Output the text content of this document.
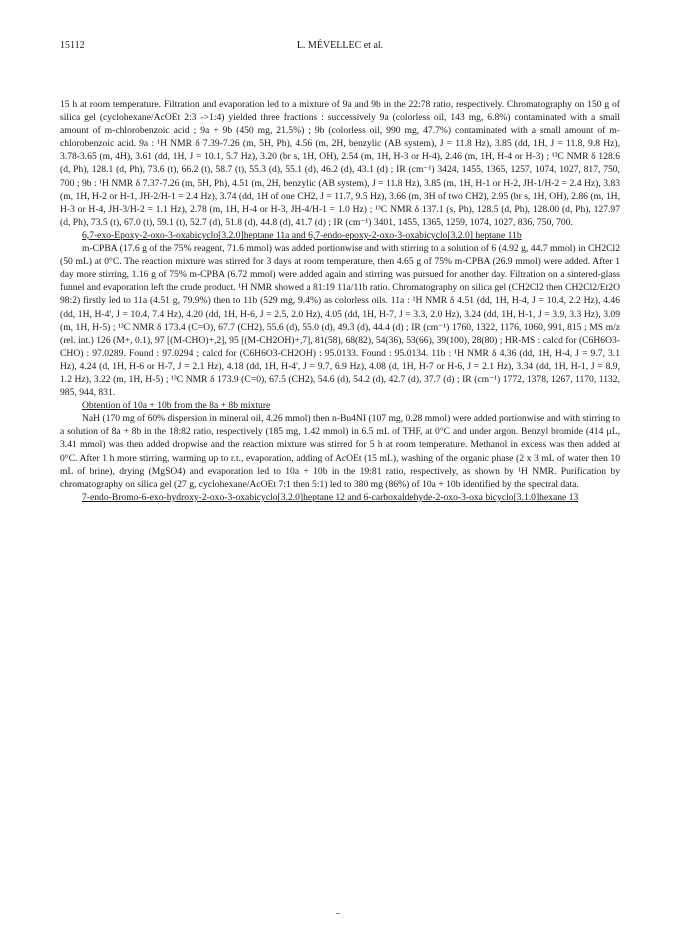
15112	L. MÉVELLEC et al.

15 h at room temperature. Filtration and evaporation led to a mixture of 9a and 9b in the 22:78 ratio, respectively. Chromatography on 150 g of silica gel (cyclohexane/AcOEt 2:3 ->1:4) yielded three fractions : successively 9a (colorless oil, 143 mg, 6.8%) contaminated with a small amount of m-chlorobenzoic acid ; 9a + 9b (450 mg, 21.5%) ; 9b (colorless oil, 990 mg, 47.7%) contaminated with a small amount of m-chlorobenzoic acid. 9a : ¹H NMR δ 7.39-7.26 (m, 5H, Ph), 4.56 (m, 2H, benzylic (AB system), J = 11.8 Hz), 3.85 (dd, 1H, J = 11.8, 9.8 Hz), 3.78-3.65 (m, 4H), 3.61 (dd, 1H, J = 10.1, 5.7 Hz), 3.20 (br s, 1H, OH), 2.54 (m, 1H, H-3 or H-4), 2.46 (m, 1H, H-4 or H-3) ; ¹³C NMR δ 128.6 (d, Ph), 128.1 (d, Ph), 73.6 (t), 66.2 (t), 58.7 (t), 55.3 (d), 55.1 (d), 46.2 (d), 43.1 (d) ; IR (cm⁻¹) 3424, 1455, 1365, 1257, 1074, 1027, 817, 750, 700 ; 9b : ¹H NMR δ 7.37-7.26 (m, 5H, Ph), 4.51 (m, 2H, benzylic (AB system), J = 11.8 Hz), 3.85 (m, 1H, H-1 or H-2, JH-1/H-2 = 2.4 Hz), 3.83 (m, 1H, H-2 or H-1, JH-2/H-1 = 2.4 Hz), 3.74 (dd, 1H of one CH2, J = 11.7, 9.5 Hz), 3.66 (m, 3H of two CH2), 2.95 (br s, 1H, OH), 2.86 (m, 1H, H-3 or H-4, JH-3/H-2 = 1.1 Hz), 2.78 (m, 1H, H-4 or H-3, JH-4/H-1 = 1.0 Hz) ; ¹³C NMR δ 137.1 (s, Ph), 128.5 (d, Ph), 128.00 (d, Ph), 127.97 (d, Ph), 73.5 (t), 67.0 (t), 59.1 (t), 52.7 (d), 51.8 (d), 44.8 (d), 41.7 (d) ; IR (cm⁻¹) 3401, 1455, 1365, 1259, 1074, 1027, 836, 750, 700.

6,7-exo-Epoxy-2-oxo-3-oxabicyclo[3.2.0]heptane 11a and 6,7-endo-epoxy-2-oxo-3-oxabicyclo[3.2.0] heptane 11b

m-CPBA (17.6 g of the 75% reagent, 71.6 mmol) was added portionwise and with stirring to a solution of 6 (4.92 g, 44.7 mmol) in CH2Cl2 (50 mL) at 0°C. The reaction mixture was stirred for 3 days at room temperature, then 4.65 g of 75% m-CPBA (26.9 mmol) were added. After 1 day more stirring, 1.16 g of 75% m-CPBA (6.72 mmol) were added again and stirring was pursued for another day. Filtration on a sintered-glass funnel and evaporation left the crude product. ¹H NMR showed a 81:19 11a/11b ratio. Chromatography on silica gel (CH2Cl2 then CH2Cl2/Et2O 98:2) firstly led to 11a (4.51 g, 79.9%) then to 11b (529 mg, 9.4%) as colorless oils. 11a : ¹H NMR δ 4.51 (dd, 1H, H-4, J = 10.4, 2.2 Hz), 4.46 (dd, 1H, H-4', J = 10.4, 7.4 Hz), 4.20 (dd, 1H, H-6, J = 2.5, 2.0 Hz), 4.05 (dd, 1H, H-7, J = 3.3, 2.0 Hz), 3.24 (dd, 1H, H-1, J = 3.9, 3.3 Hz), 3.09 (m, 1H, H-5) ; ¹³C NMR δ 173.4 (C=O), 67.7 (CH2), 55.6 (d), 55.0 (d), 49.3 (d), 44.4 (d) ; IR (cm⁻¹) 1760, 1322, 1176, 1060, 991, 815 ; MS m/z (rel. int.) 126 (M+, 0.1), 97 [(M-CHO)+,2], 95 [(M-CH2OH)+,7], 81(58), 68(82), 54(36), 53(66), 39(100), 28(80) ; HR-MS : calcd for (C6H6O3-CHO) : 97.0289. Found : 97.0294 ; calcd for (C6H6O3-CH2OH) : 95.0133. Found : 95.0134. 11b : ¹H NMR δ 4.36 (dd, 1H, H-4, J = 9.7, 3.1 Hz), 4.24 (d, 1H, H-6 or H-7, J = 2.1 Hz), 4.18 (dd, 1H, H-4', J = 9.7, 6.9 Hz), 4.08 (d, 1H, H-7 or H-6, J = 2.1 Hz), 3.34 (dd, 1H, H-1, J = 8.9, 1.2 Hz), 3.22 (m, 1H, H-5) ; ¹³C NMR δ 173.9 (C=0), 67.5 (CH2), 54.6 (d), 54.2 (d), 42.7 (d), 37.7 (d) ; IR (cm⁻¹) 1772, 1378, 1267, 1170, 1132, 985, 944, 831.

Obtention of 10a + 10b from the 8a + 8b mixture

NaH (170 mg of 60% dispersion in mineral oil, 4.26 mmol) then n-Bu4NI (107 mg, 0.28 mmol) were added portionwise and with stirring to a solution of 8a + 8b in the 18:82 ratio, respectively (185 mg, 1.42 mmol) in 6.5 mL of THF, at 0°C and under argon. Benzyl bromide (414 µL, 3.41 mmol) was then added dropwise and the reaction mixture was stirred for 5 h at room temperature. Methanol in excess was then added at 0°C. After 1 h more stirring, warming up to r.t., evaporation, adding of AcOEt (15 mL), washing of the organic phase (2 x 3 mL of water then 10 mL of brine), drying (MgSO4) and evaporation led to 10a + 10b in the 19:81 ratio, respectively, as shown by ¹H NMR. Purification by chromatography on silica gel (27 g, cyclohexane/AcOEt 7:1 then 5:1) led to 380 mg (86%) of 10a + 10b identified by the spectral data.

7-endo-Bromo-6-exo-hydroxy-2-oxo-3-oxabicyclo[3.2.0]heptane 12 and 6-carboxaldehyde-2-oxo-3-oxa bicyclo[3.1.0]hexane 13
